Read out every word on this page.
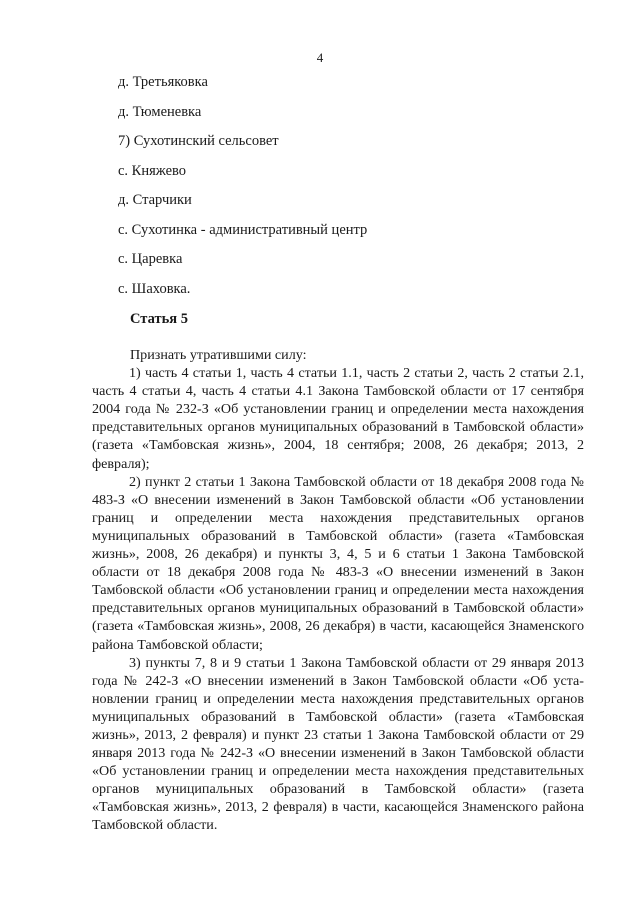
4
д. Третьяковка
д. Тюменевка
7) Сухотинский сельсовет
с. Княжево
д. Старчики
с. Сухотинка - административный центр
с. Царевка
с. Шаховка.
Статья 5

Признать утратившими силу:

1) часть 4 статьи 1, часть 4 статьи 1.1, часть 2 статьи 2, часть 2 статьи 2.1, часть 4 статьи 4, часть 4 статьи 4.1 Закона Тамбовской области от 17 сентября 2004 года № 232-З «Об установлении границ и определении места нахождения представительных органов муниципальных образований в Тамбовской области» (газета «Тамбовская жизнь», 2004, 18 сентября; 2008, 26 декабря; 2013, 2 февраля);

2) пункт 2 статьи 1 Закона Тамбовской области от 18 декабря 2008 года № 483-З «О внесении изменений в Закон Тамбовской области «Об установлении границ и определении места нахождения представительных органов муниципальных образований в Тамбовской области» (газета «Тамбовская жизнь», 2008, 26 декабря) и пункты 3, 4, 5 и 6 статьи 1 Закона Тамбовской области от 18 декабря 2008 года № 483-З «О внесении изменений в Закон Тамбовской области «Об установлении границ и определении места нахождения представительных органов муниципальных образований в Тамбовской области» (газета «Тамбовская жизнь», 2008, 26 декабря) в части, касающейся Знаменского района Тамбовской области;

3) пункты 7, 8 и 9 статьи 1 Закона Тамбовской области от 29 января 2013 года № 242-З «О внесении изменений в Закон Тамбовской области «Об установлении границ и определении места нахождения представительных органов муниципальных образований в Тамбовской области» (газета «Тамбовская жизнь», 2013, 2 февраля) и пункт 23 статьи 1 Закона Тамбовской области от 29 января 2013 года № 242-З «О внесении изменений в Закон Тамбовской области «Об установлении границ и определении места нахождения представительных органов муниципальных образований в Тамбовской области» (газета «Тамбовская жизнь», 2013, 2 февраля) в части, касающейся Знаменского района Тамбовской области.
